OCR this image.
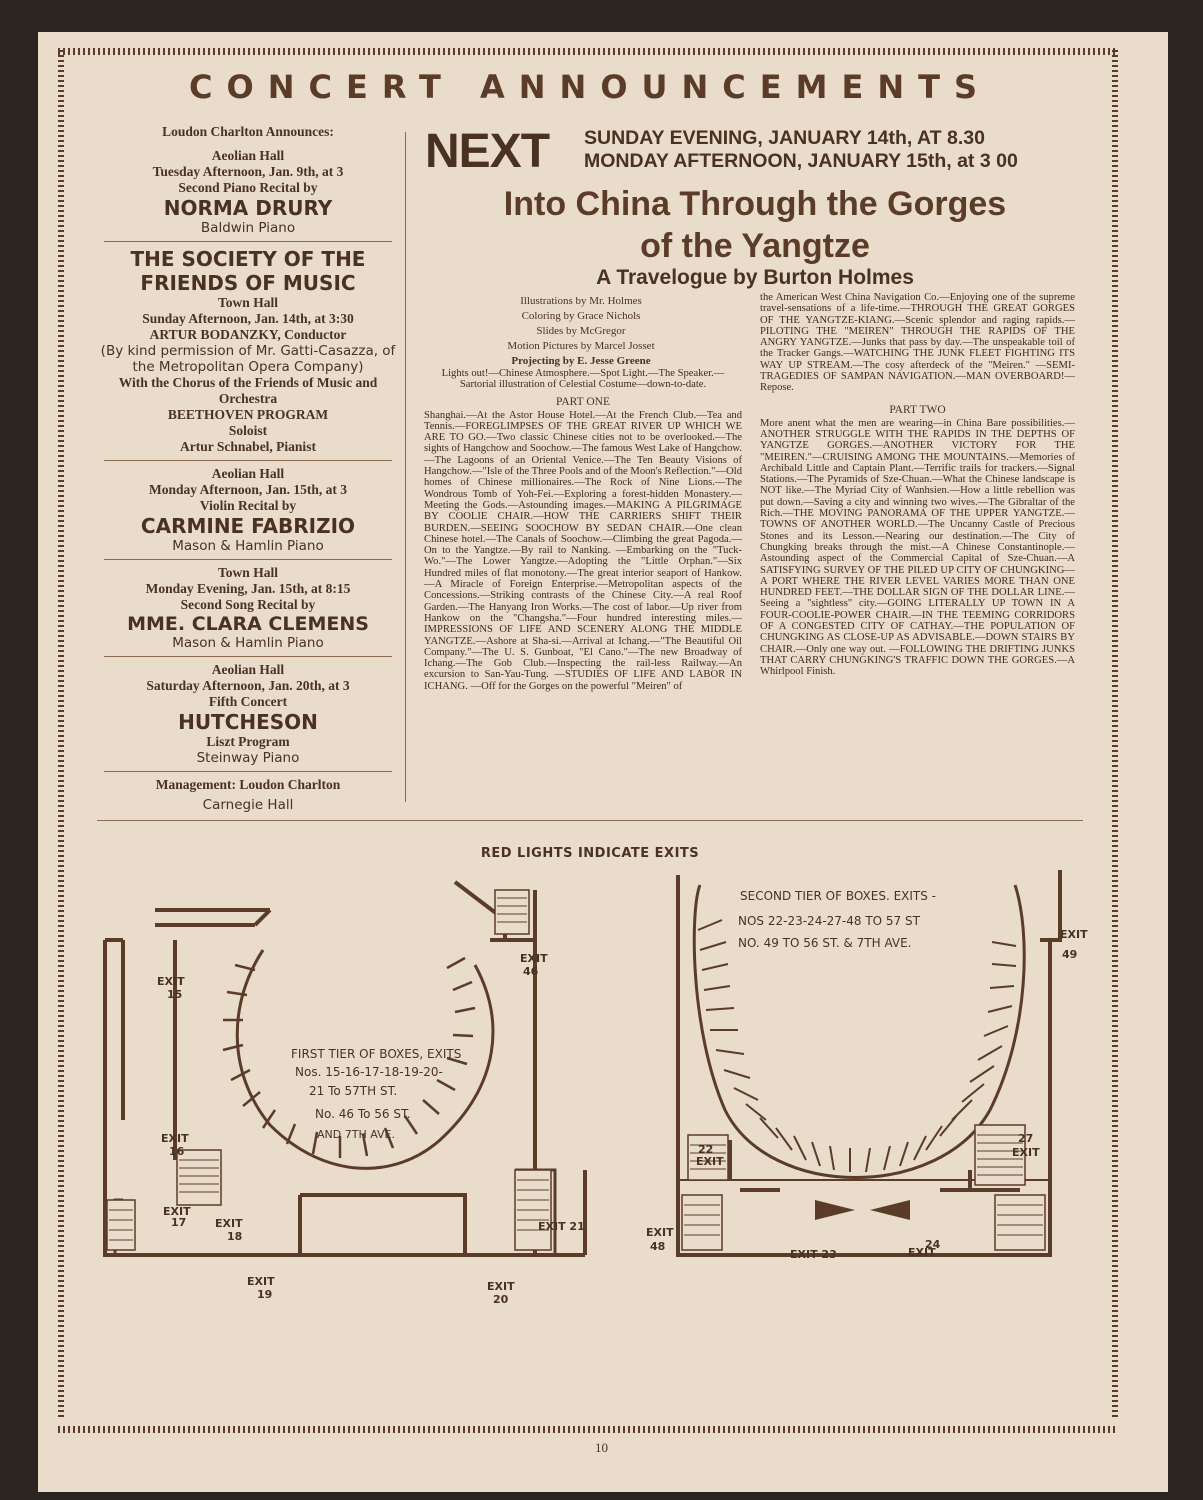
CONCERT ANNOUNCEMENTS
Loudon Charlton Announces:
Aeolian Hall
Tuesday Afternoon, Jan. 9th, at 3
Second Piano Recital by
NORMA DRURY
Baldwin Piano
THE SOCIETY OF THE FRIENDS OF MUSIC
Town Hall
Sunday Afternoon, Jan. 14th, at 3:30
ARTUR BODANZKY, Conductor
(By kind permission of Mr. Gatti-Casazza, of the Metropolitan Opera Company)
With the Chorus of the Friends of Music and Orchestra
BEETHOVEN PROGRAM
Soloist
Artur Schnabel, Pianist
Aeolian Hall
Monday Afternoon, Jan. 15th, at 3
Violin Recital by
CARMINE FABRIZIO
Mason & Hamlin Piano
Town Hall
Monday Evening, Jan. 15th, at 8:15
Second Song Recital by
MME. CLARA CLEMENS
Mason & Hamlin Piano
Aeolian Hall
Saturday Afternoon, Jan. 20th, at 3
Fifth Concert
HUTCHESON
Liszt Program
Steinway Piano
Management: Loudon Charlton
Carnegie Hall
NEXT SUNDAY EVENING, JANUARY 14th, AT 8.30
MONDAY AFTERNOON, JANUARY 15th, at 3 00
Into China Through the Gorges
of the Yangtze
A Travelogue by Burton Holmes
Illustrations by Mr. Holmes
Coloring by Grace Nichols
Slides by McGregor
Motion Pictures by Marcel Josset
Projecting by E. Jesse Greene

Lights out!—Chinese Atmosphere.—Spot Light.—The Speaker.—Sartorial illustration of Celestial Costume—down-to-date.

PART ONE

Shanghai.—At the Astor House Hotel.—At the French Club.—Tea and Tennis.—FOREGLIMPSES OF THE GREAT RIVER UP WHICH WE ARE TO GO.—Two classic Chinese cities not to be overlooked.—The sights of Hangchow and Soochow.—The famous West Lake of Hangchow.—The Lagoons of an Oriental Venice.—The Ten Beauty Visions of Hangchow.—"Isle of the Three Pools and of the Moon's Reflection."—Old homes of Chinese millionaires.—The Rock of Nine Lions.—The Wondrous Tomb of Yoh-Fei.—Exploring a forest-hidden Monastery.—Meeting the Gods.—Astounding images.—MAKING A PILGRIMAGE BY COOLIE CHAIR.—HOW THE CARRIERS SHIFT THEIR BURDEN.—SEEING SOOCHOW BY SEDAN CHAIR.—One clean Chinese hotel.—The Canals of Soochow.—Climbing the great Pagoda.—On to the Yangtze.—By rail to Nanking. —Embarking on the "Tuck-Wo."—The Lower Yangtze.—Adopting the "Little Orphan."—Six Hundred miles of flat monotony.—The great interior seaport of Hankow.—A Miracle of Foreign Enterprise.—Metropolitan aspects of the Concessions.—Striking contrasts of the Chinese City.—A real Roof Garden.—The Hanyang Iron Works.—The cost of labor.—Up river from Hankow on the "Changsha."—Four hundred interesting miles.—IMPRESSIONS OF LIFE AND SCENERY ALONG THE MIDDLE YANGTZE.—Ashore at Sha-si.—Arrival at Ichang.—"The Beautiful Oil Company."—The U. S. Gunboat, "El Cano."—The new Broadway of Ichang.—The Gob Club.—Inspecting the rail-less Railway.—An excursion to San-Yau-Tung. —STUDIES OF LIFE AND LABOR IN ICHANG. —Off for the Gorges on the powerful "Meiren" of

the American West China Navigation Co.—Enjoying one of the supreme travel-sensations of a life-time.—THROUGH THE GREAT GORGES OF THE YANGTZE-KIANG.—Scenic splendor and raging rapids.—PILOTING THE "MEIREN" THROUGH THE RAPIDS OF THE ANGRY YANGTZE.—Junks that pass by day.—The unspeakable toil of the Tracker Gangs.—WATCHING THE JUNK FLEET FIGHTING ITS WAY UP STREAM.—The cosy afterdeck of the "Meiren." —SEMI-TRAGEDIES OF SAMPAN NAVIGATION.—MAN OVERBOARD!—Repose.

PART TWO

More anent what the men are wearing—in China Bare possibilities.—ANOTHER STRUGGLE WITH THE RAPIDS IN THE DEPTHS OF YANGTZE GORGES.—ANOTHER VICTORY FOR THE "MEIREN."—CRUISING AMONG THE MOUNTAINS.—Memories of Archibald Little and Captain Plant.—Terrific trails for trackers.—Signal Stations.—The Pyramids of Sze-Chuan.—What the Chinese landscape is NOT like.—The Myriad City of Wanhsien.—How a little rebellion was put down.—Saving a city and winning two wives.—The Gibraltar of the Rich.—THE MOVING PANORAMA OF THE UPPER YANGTZE.—TOWNS OF ANOTHER WORLD.—The Uncanny Castle of Precious Stones and its Lesson.—Nearing our destination.—The City of Chungking breaks through the mist.—A Chinese Constantinople.—Astounding aspect of the Commercial Capital of Sze-Chuan.—A SATISFYING SURVEY OF THE PILED UP CITY OF CHUNGKING—A PORT WHERE THE RIVER LEVEL VARIES MORE THAN ONE HUNDRED FEET.—THE DOLLAR SIGN OF THE DOLLAR LINE.—Seeing a "sightless" city.—GOING LITERALLY UP TOWN IN A FOUR-COOLIE-POWER CHAIR.—IN THE TEEMING CORRIDORS OF A CONGESTED CITY OF CATHAY.—THE POPULATION OF CHUNGKING AS CLOSE-UP AS ADVISABLE.—DOWN STAIRS BY CHAIR.—Only one way out. —FOLLOWING THE DRIFTING JUNKS THAT CARRY CHUNGKING'S TRAFFIC DOWN THE GORGES.—A Whirlpool Finish.

RED LIGHTS INDICATE EXITS
EXIT
15
EXIT
16
EXIT
17	EXIT
18
EXIT
19
EXIT
46
EXIT 21
EXIT
20
FIRST TIER OF BOXES, EXITS
Nos. 15-16-17-18-19-20-
21 To 57TH ST.
No. 46 To 56 ST.
AND 7TH AVE.
SECOND TIER OF BOXES. EXITS -
NOS 22-23-24-27-48 TO 57 ST
NO. 49 TO 56 ST. & 7TH AVE.
EXIT
49
22
EXIT
27
EXIT
EXIT
48
EXIT 23
24
EXIT
10
